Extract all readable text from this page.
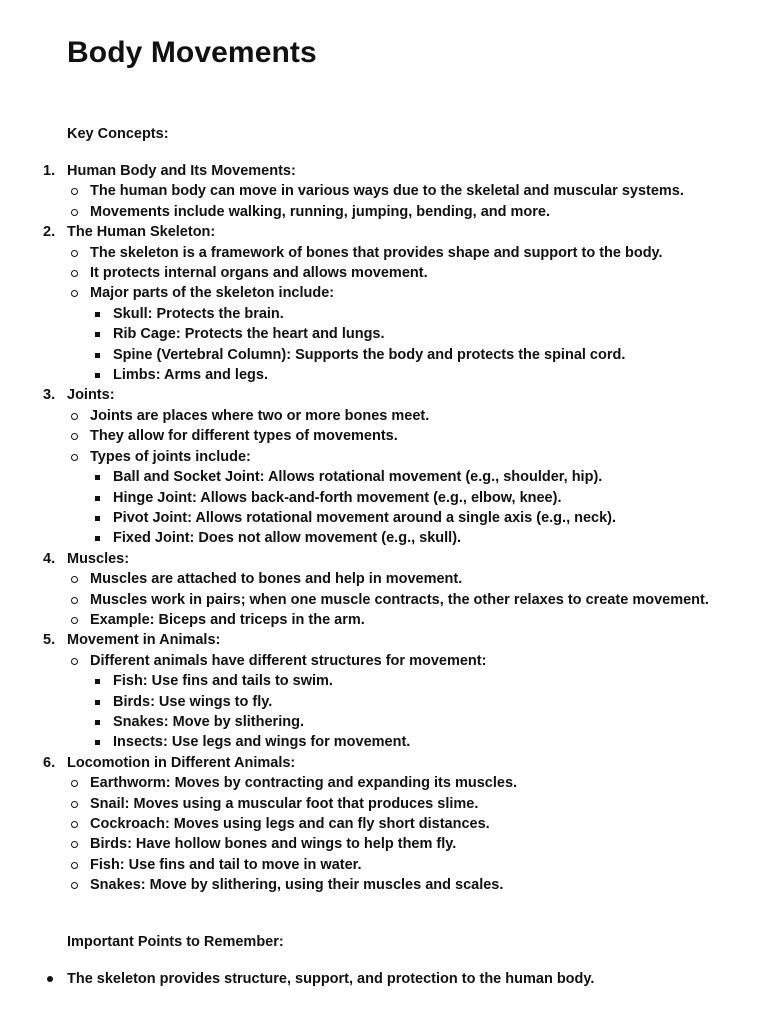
Body Movements

Key Concepts:

1. Human Body and Its Movements:
The human body can move in various ways due to the skeletal and muscular systems.
Movements include walking, running, jumping, bending, and more.
2. The Human Skeleton:
The skeleton is a framework of bones that provides shape and support to the body.
It protects internal organs and allows movement.
Major parts of the skeleton include:
Skull: Protects the brain.
Rib Cage: Protects the heart and lungs.
Spine (Vertebral Column): Supports the body and protects the spinal cord.
Limbs: Arms and legs.
3. Joints:
Joints are places where two or more bones meet.
They allow for different types of movements.
Types of joints include:
Ball and Socket Joint: Allows rotational movement (e.g., shoulder, hip).
Hinge Joint: Allows back-and-forth movement (e.g., elbow, knee).
Pivot Joint: Allows rotational movement around a single axis (e.g., neck).
Fixed Joint: Does not allow movement (e.g., skull).
4. Muscles:
Muscles are attached to bones and help in movement.
Muscles work in pairs; when one muscle contracts, the other relaxes to create movement.
Example: Biceps and triceps in the arm.
5. Movement in Animals:
Different animals have different structures for movement:
Fish: Use fins and tails to swim.
Birds: Use wings to fly.
Snakes: Move by slithering.
Insects: Use legs and wings for movement.
6. Locomotion in Different Animals:
Earthworm: Moves by contracting and expanding its muscles.
Snail: Moves using a muscular foot that produces slime.
Cockroach: Moves using legs and can fly short distances.
Birds: Have hollow bones and wings to help them fly.
Fish: Use fins and tail to move in water.
Snakes: Move by slithering, using their muscles and scales.

Important Points to Remember:

The skeleton provides structure, support, and protection to the human body.
